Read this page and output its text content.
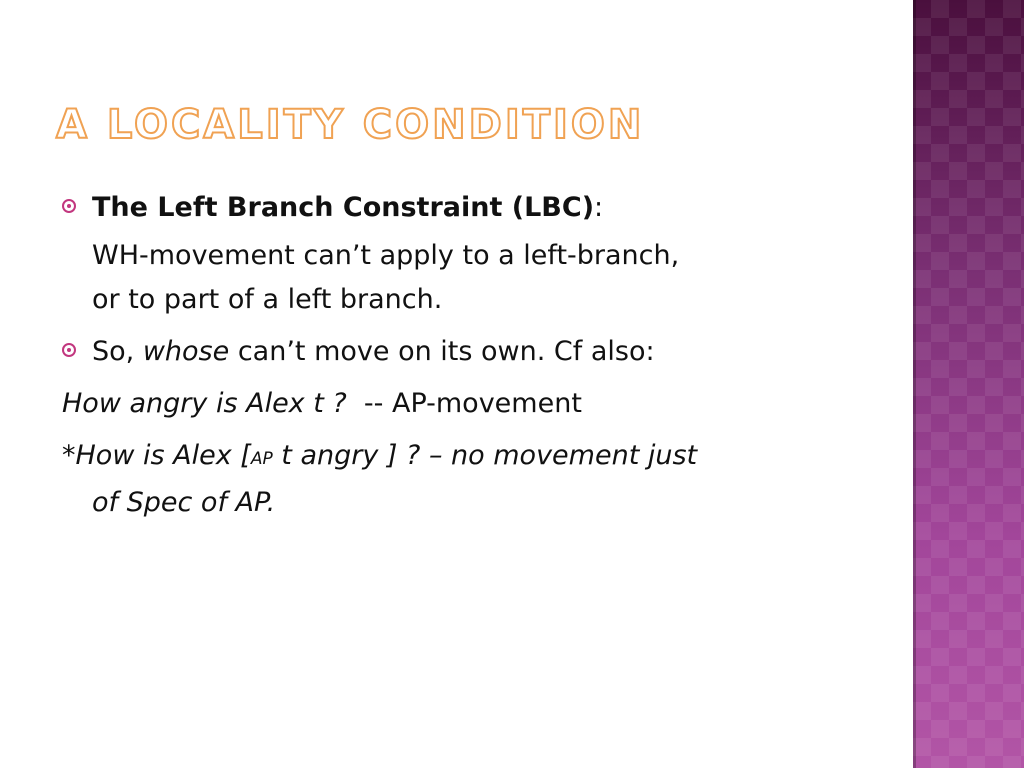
A LOCALITY CONDITION
The Left Branch Constraint (LBC):
WH-movement can’t apply to a left-branch,
or to part of a left branch.
So, whose can’t move on its own. Cf also:
How angry is Alex t ?  -- AP-movement
*How is Alex [AP t angry ] ? – no movement just
of Spec of AP.
